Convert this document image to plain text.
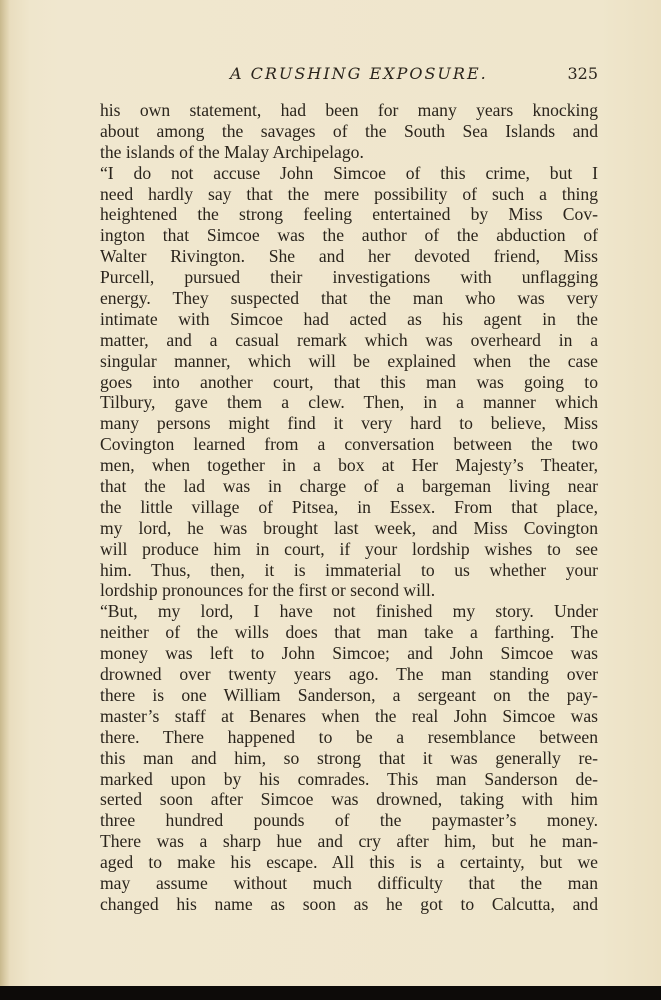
A CRUSHING EXPOSURE.	325
his own statement, had been for many years knocking
about among the savages of the South Sea Islands and
the islands of the Malay Archipelago.
“I do not accuse John Simcoe of this crime, but I
need hardly say that the mere possibility of such a thing
heightened the strong feeling entertained by Miss Cov-
ington that Simcoe was the author of the abduction of
Walter Rivington. She and her devoted friend, Miss
Purcell, pursued their investigations with unflagging
energy. They suspected that the man who was very
intimate with Simcoe had acted as his agent in the
matter, and a casual remark which was overheard in a
singular manner, which will be explained when the case
goes into another court, that this man was going to
Tilbury, gave them a clew. Then, in a manner which
many persons might find it very hard to believe, Miss
Covington learned from a conversation between the two
men, when together in a box at Her Majesty’s Theater,
that the lad was in charge of a bargeman living near
the little village of Pitsea, in Essex. From that place,
my lord, he was brought last week, and Miss Covington
will produce him in court, if your lordship wishes to see
him. Thus, then, it is immaterial to us whether your
lordship pronounces for the first or second will.
“But, my lord, I have not finished my story. Under
neither of the wills does that man take a farthing. The
money was left to John Simcoe; and John Simcoe was
drowned over twenty years ago. The man standing over
there is one William Sanderson, a sergeant on the pay-
master’s staff at Benares when the real John Simcoe was
there. There happened to be a resemblance between
this man and him, so strong that it was generally re-
marked upon by his comrades. This man Sanderson de-
serted soon after Simcoe was drowned, taking with him
three hundred pounds of the paymaster’s money.
There was a sharp hue and cry after him, but he man-
aged to make his escape. All this is a certainty, but we
may assume without much difficulty that the man
changed his name as soon as he got to Calcutta, and
